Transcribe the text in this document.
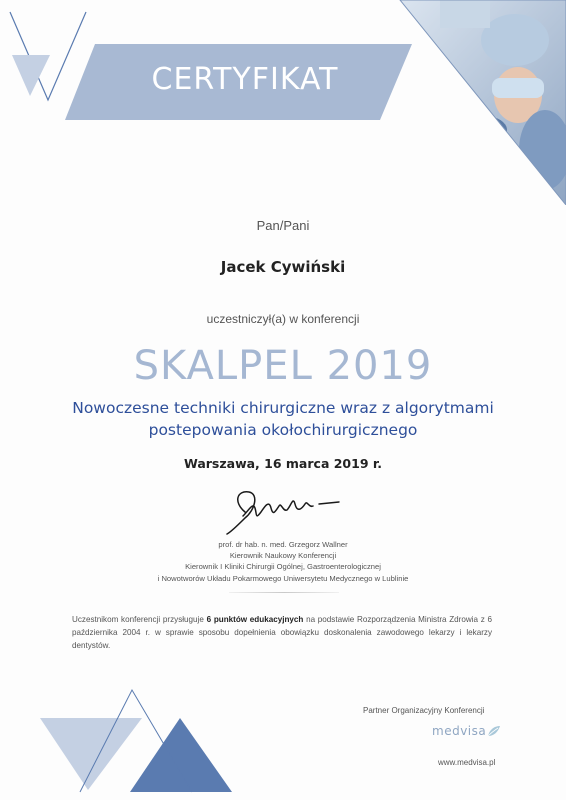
CERTYFIKAT
Pan/Pani
Jacek Cywiński
uczestniczył(a) w konferencji
SKALPEL 2019
Nowoczesne techniki chirurgiczne wraz z algorytmami
postepowania okołochirurgicznego
Warszawa, 16 marca 2019 r.
prof. dr hab. n. med. Grzegorz Wallner
Kierownik Naukowy Konferencji
Kierownik I Kliniki Chirurgii Ogólnej, Gastroenterologicznej
i Nowotworów Układu Pokarmowego Uniwersytetu Medycznego w Lublinie
Uczestnikom konferencji przysługuje 6 punktów edukacyjnych na podstawie Rozporządzenia Ministra Zdrowia z 6 października 2004 r. w sprawie sposobu dopełnienia obowiązku doskonalenia zawodowego lekarzy i lekarzy dentystów.
Partner Organizacyjny Konferencji
medvisa
www.medvisa.pl
